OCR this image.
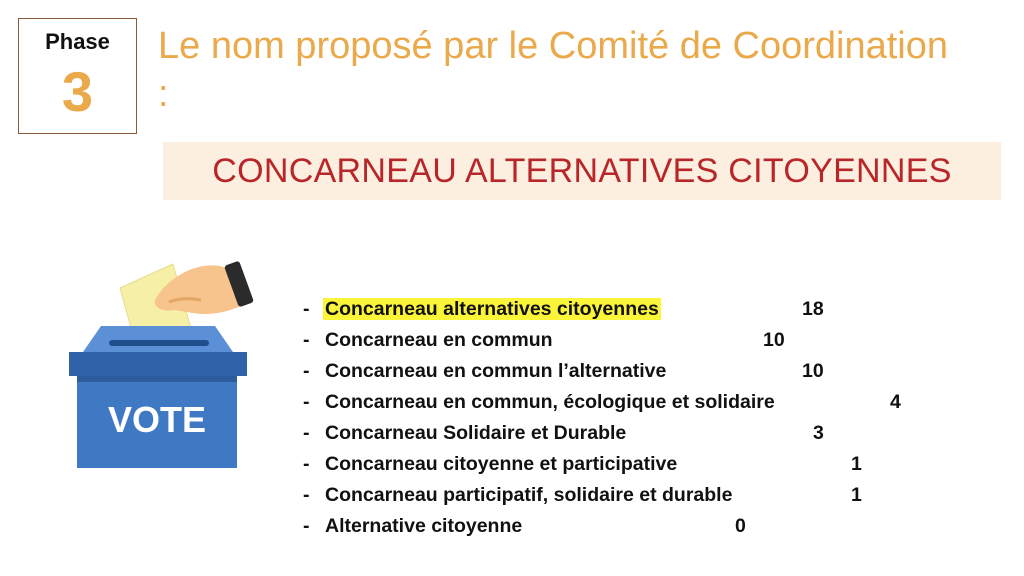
Phase
3
Le nom proposé par le Comité de Coordination :
CONCARNEAU ALTERNATIVES CITOYENNES
VOTE
- Concarneau alternatives citoyennes	18
- Concarneau en commun	10
- Concarneau en commun l’alternative	10
- Concarneau en commun, écologique et solidaire	4
- Concarneau Solidaire et Durable	3
- Concarneau citoyenne et participative	1
- Concarneau participatif, solidaire et durable	1
- Alternative citoyenne	0
